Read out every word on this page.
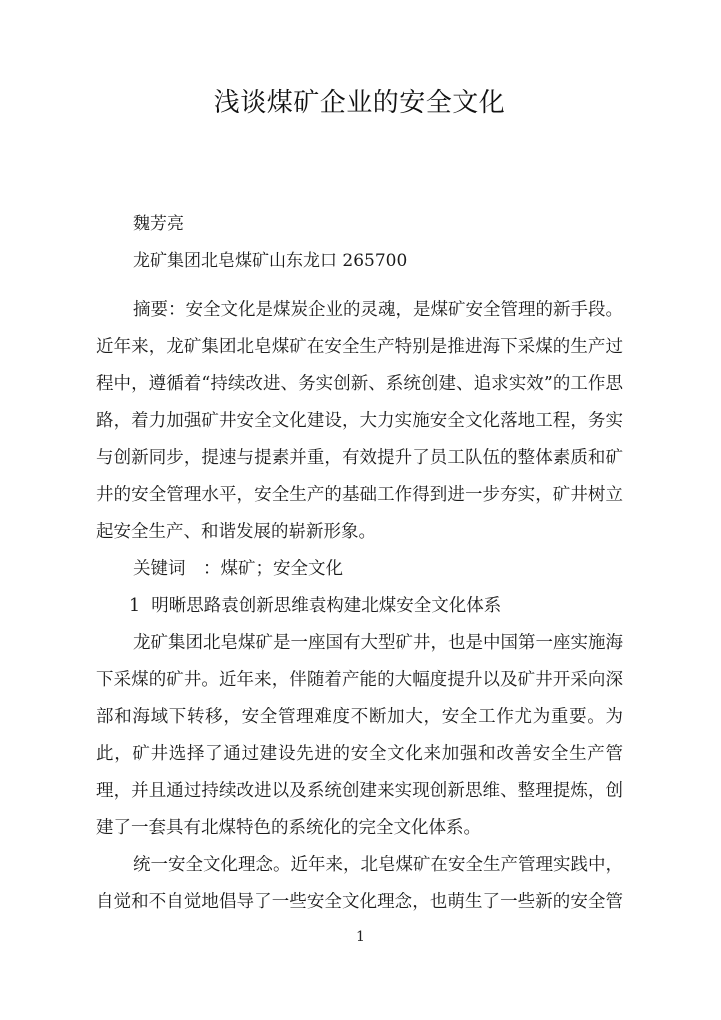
浅谈煤矿企业的安全文化

魏芳亮

龙矿集团北皂煤矿山东龙口 265700

摘要：安全文化是煤炭企业的灵魂，是煤矿安全管理的新手段。近年来，龙矿集团北皂煤矿在安全生产特别是推进海下采煤的生产过程中，遵循着“持续改进、务实创新、系统创建、追求实效”的工作思路，着力加强矿井安全文化建设，大力实施安全文化落地工程，务实与创新同步，提速与提素并重，有效提升了员工队伍的整体素质和矿井的安全管理水平，安全生产的基础工作得到进一步夯实，矿井树立起安全生产、和谐发展的崭新形象。

关键词　：煤矿；安全文化

1  明晰思路袁创新思维袁构建北煤安全文化体系

龙矿集团北皂煤矿是一座国有大型矿井，也是中国第一座实施海下采煤的矿井。近年来，伴随着产能的大幅度提升以及矿井开采向深部和海域下转移，安全管理难度不断加大，安全工作尤为重要。为此，矿井选择了通过建设先进的安全文化来加强和改善安全生产管理，并且通过持续改进以及系统创建来实现创新思维、整理提炼，创建了一套具有北煤特色的系统化的完全文化体系。

统一安全文化理念。近年来，北皂煤矿在安全生产管理实践中，自觉和不自觉地倡导了一些安全文化理念，也萌生了一些新的安全管

1
